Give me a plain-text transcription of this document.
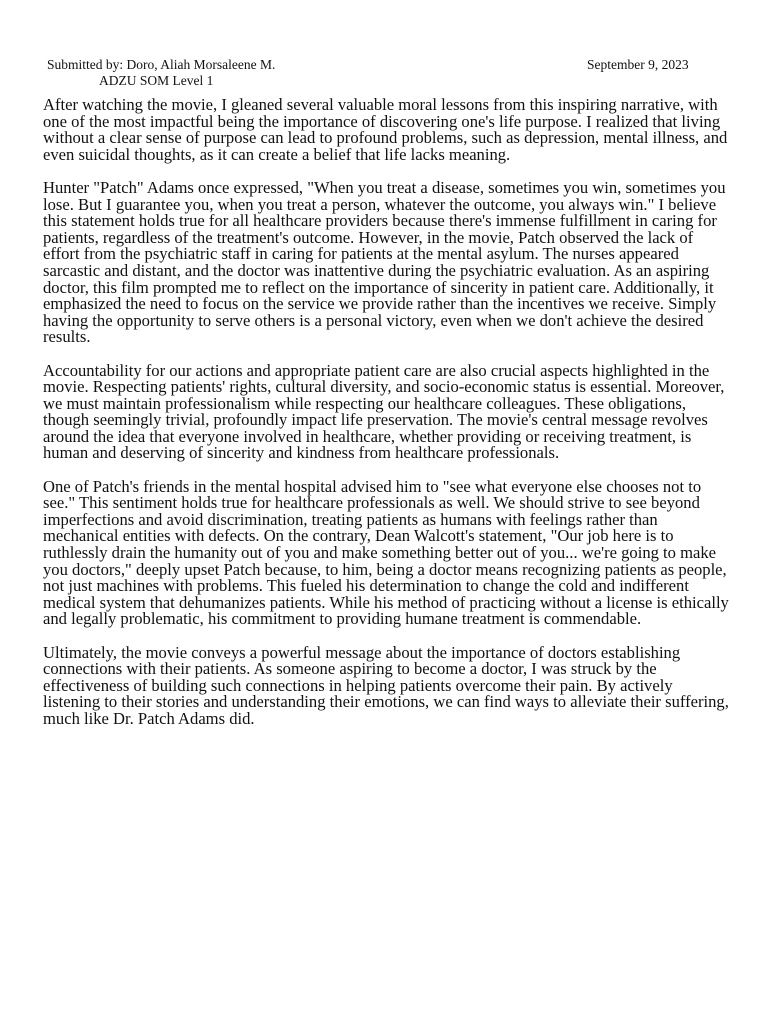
Submitted by: Doro, Aliah Morsaleene M.
ADZU SOM Level 1
September 9, 2023

After watching the movie, I gleaned several valuable moral lessons from this inspiring narrative, with one of the most impactful being the importance of discovering one's life purpose. I realized that living without a clear sense of purpose can lead to profound problems, such as depression, mental illness, and even suicidal thoughts, as it can create a belief that life lacks meaning.

Hunter "Patch" Adams once expressed, "When you treat a disease, sometimes you win, sometimes you lose. But I guarantee you, when you treat a person, whatever the outcome, you always win." I believe this statement holds true for all healthcare providers because there's immense fulfillment in caring for patients, regardless of the treatment's outcome. However, in the movie, Patch observed the lack of effort from the psychiatric staff in caring for patients at the mental asylum. The nurses appeared sarcastic and distant, and the doctor was inattentive during the psychiatric evaluation. As an aspiring doctor, this film prompted me to reflect on the importance of sincerity in patient care. Additionally, it emphasized the need to focus on the service we provide rather than the incentives we receive. Simply having the opportunity to serve others is a personal victory, even when we don't achieve the desired results.

Accountability for our actions and appropriate patient care are also crucial aspects highlighted in the movie. Respecting patients' rights, cultural diversity, and socio-economic status is essential. Moreover, we must maintain professionalism while respecting our healthcare colleagues. These obligations, though seemingly trivial, profoundly impact life preservation. The movie's central message revolves around the idea that everyone involved in healthcare, whether providing or receiving treatment, is human and deserving of sincerity and kindness from healthcare professionals.

One of Patch's friends in the mental hospital advised him to "see what everyone else chooses not to see." This sentiment holds true for healthcare professionals as well. We should strive to see beyond imperfections and avoid discrimination, treating patients as humans with feelings rather than mechanical entities with defects. On the contrary, Dean Walcott's statement, "Our job here is to ruthlessly drain the humanity out of you and make something better out of you... we're going to make you doctors," deeply upset Patch because, to him, being a doctor means recognizing patients as people, not just machines with problems. This fueled his determination to change the cold and indifferent medical system that dehumanizes patients. While his method of practicing without a license is ethically and legally problematic, his commitment to providing humane treatment is commendable.

Ultimately, the movie conveys a powerful message about the importance of doctors establishing connections with their patients. As someone aspiring to become a doctor, I was struck by the effectiveness of building such connections in helping patients overcome their pain. By actively listening to their stories and understanding their emotions, we can find ways to alleviate their suffering, much like Dr. Patch Adams did.
